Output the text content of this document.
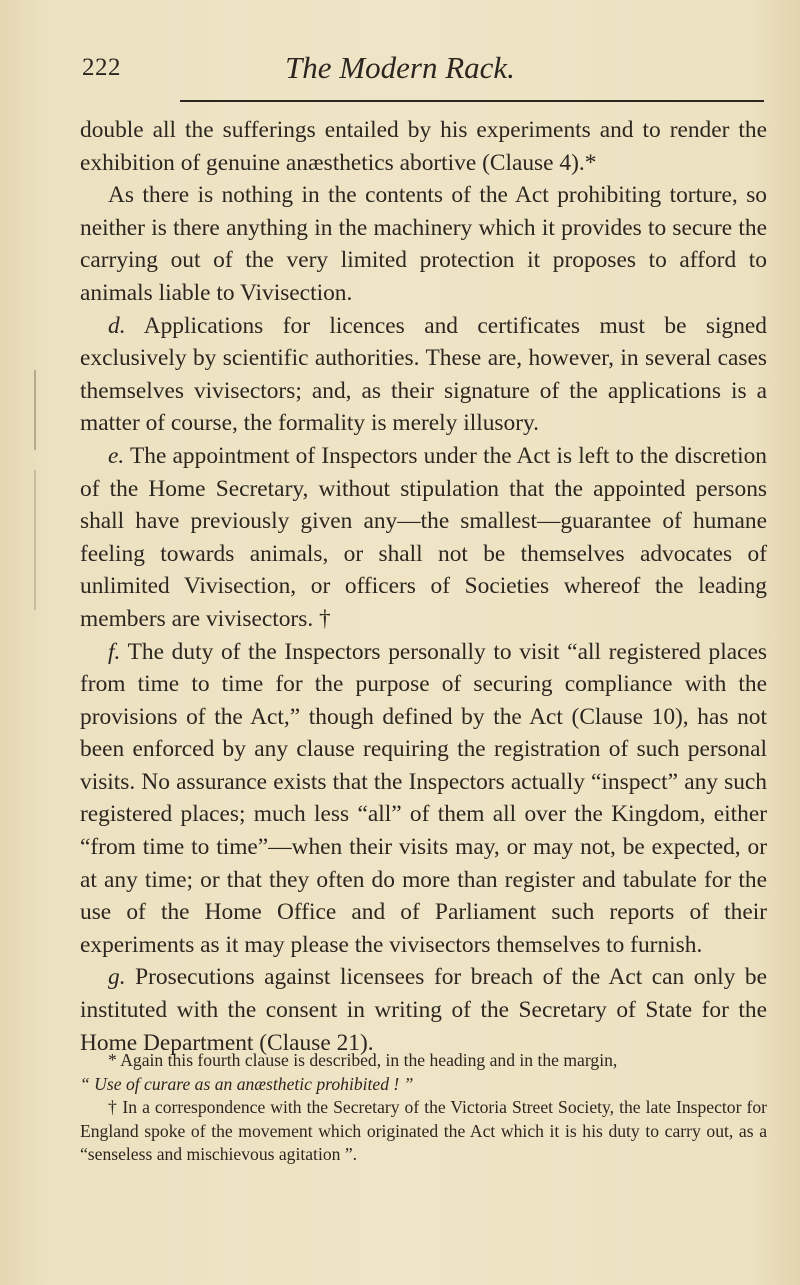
222	The Modern Rack.

double all the sufferings entailed by his experiments and to render the exhibition of genuine anæsthetics abortive (Clause 4).*

As there is nothing in the contents of the Act prohibiting torture, so neither is there anything in the machinery which it provides to secure the carrying out of the very limited protection it proposes to afford to animals liable to Vivisection.

d. Applications for licences and certificates must be signed exclusively by scientific authorities. These are, however, in several cases themselves vivisectors; and, as their signature of the applications is a matter of course, the formality is merely illusory.

e. The appointment of Inspectors under the Act is left to the discretion of the Home Secretary, without stipulation that the appointed persons shall have previously given any—the smallest—guarantee of humane feeling towards animals, or shall not be themselves advocates of unlimited Vivisection, or officers of Societies whereof the leading members are vivisectors. †

f. The duty of the Inspectors personally to visit “all registered places from time to time for the purpose of securing compliance with the provisions of the Act,” though defined by the Act (Clause 10), has not been enforced by any clause requiring the registration of such personal visits. No assurance exists that the Inspectors actually “inspect” any such registered places; much less “all” of them all over the Kingdom, either “from time to time”—when their visits may, or may not, be expected, or at any time; or that they often do more than register and tabulate for the use of the Home Office and of Parliament such reports of their experiments as it may please the vivisectors themselves to furnish.

g. Prosecutions against licensees for breach of the Act can only be instituted with the consent in writing of the Secretary of State for the Home Department (Clause 21).

* Again this fourth clause is described, in the heading and in the margin,

“ Use of curare as an anæsthetic prohibited ! ”

† In a correspondence with the Secretary of the Victoria Street Society, the late Inspector for England spoke of the movement which originated the Act which it is his duty to carry out, as a “senseless and mischievous agitation ”.
